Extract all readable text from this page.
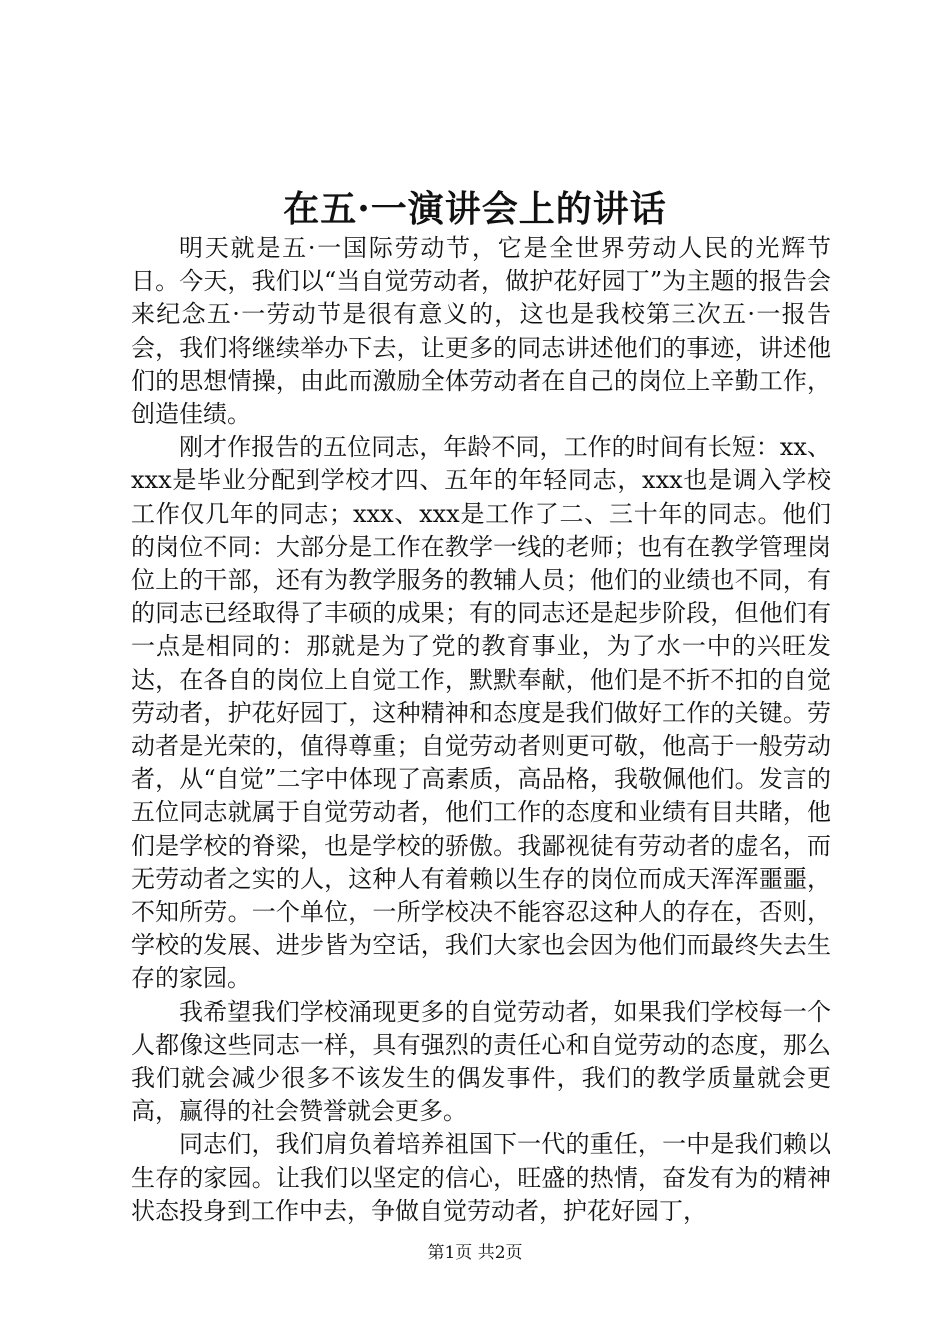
在五·一演讲会上的讲话

明天就是五·一国际劳动节，它是全世界劳动人民的光辉节日。今天，我们以“当自觉劳动者，做护花好园丁”为主题的报告会来纪念五·一劳动节是很有意义的，这也是我校第三次五·一报告会，我们将继续举办下去，让更多的同志讲述他们的事迹，讲述他们的思想情操，由此而激励全体劳动者在自己的岗位上辛勤工作，创造佳绩。

刚才作报告的五位同志，年龄不同，工作的时间有长短：xx、xxx是毕业分配到学校才四、五年的年轻同志，xxx也是调入学校工作仅几年的同志；xxx、xxx是工作了二、三十年的同志。他们的岗位不同：大部分是工作在教学一线的老师；也有在教学管理岗位上的干部，还有为教学服务的教辅人员；他们的业绩也不同，有的同志已经取得了丰硕的成果；有的同志还是起步阶段，但他们有一点是相同的：那就是为了党的教育事业，为了水一中的兴旺发达，在各自的岗位上自觉工作，默默奉献，他们是不折不扣的自觉劳动者，护花好园丁，这种精神和态度是我们做好工作的关键。劳动者是光荣的，值得尊重；自觉劳动者则更可敬，他高于一般劳动者，从“自觉”二字中体现了高素质，高品格，我敬佩他们。发言的五位同志就属于自觉劳动者，他们工作的态度和业绩有目共睹，他们是学校的脊梁，也是学校的骄傲。我鄙视徒有劳动者的虚名，而无劳动者之实的人，这种人有着赖以生存的岗位而成天浑浑噩噩，不知所劳。一个单位，一所学校决不能容忍这种人的存在，否则，学校的发展、进步皆为空话，我们大家也会因为他们而最终失去生存的家园。

我希望我们学校涌现更多的自觉劳动者，如果我们学校每一个人都像这些同志一样，具有强烈的责任心和自觉劳动的态度，那么我们就会减少很多不该发生的偶发事件，我们的教学质量就会更高，赢得的社会赞誉就会更多。

同志们，我们肩负着培养祖国下一代的重任，一中是我们赖以生存的家园。让我们以坚定的信心，旺盛的热情，奋发有为的精神状态投身到工作中去，争做自觉劳动者，护花好园丁，

第1页 共2页
